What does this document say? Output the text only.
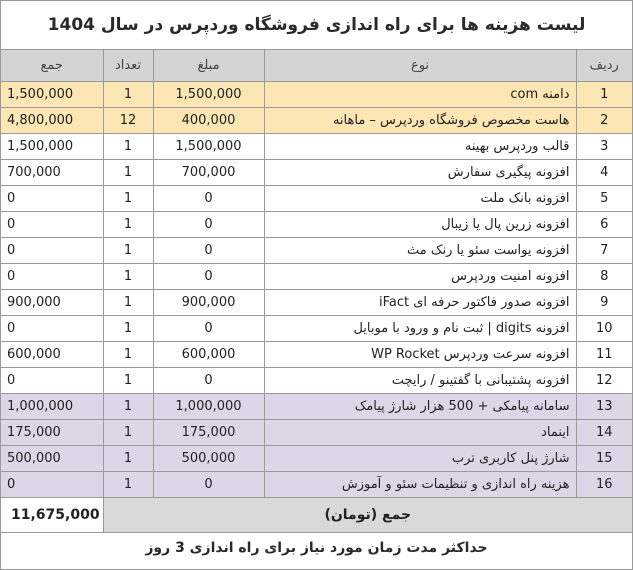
لیست هزینه ها برای راه اندازی فروشگاه وردپرس در سال 1404
جمع	تعداد	مبلغ	نوع	ردیف
1,500,000	1	1,500,000	دامنه com	1
4,800,000	12	400,000	هاست مخصوص فروشگاه وردپرس – ماهانه	2
1,500,000	1	1,500,000	قالب وردپرس بهینه	3
700,000	1	700,000	افزونه پیگیری سفارش	4
0	1	0	افزونه بانک ملت	5
0	1	0	افزونه زرین پال یا زیبال	6
0	1	0	افزونه یواست سئو یا رنک مث	7
0	1	0	افزونه امنیت وردپرس	8
900,000	1	900,000	افزونه صدور فاکتور حرفه ای iFact	9
0	1	0	افزونه digits | ثبت نام و ورود با موبایل	10
600,000	1	600,000	افزونه سرعت وردپرس WP Rocket	11
0	1	0	افزونه پشتیبانی با گفتینو / رایچت	12
1,000,000	1	1,000,000	سامانه پیامکی + 500 هزار شارژ پیامک	13
175,000	1	175,000	اینماد	14
500,000	1	500,000	شارژ پنل کاربری ترب	15
0	1	0	هزینه راه اندازی و تنظیمات سئو و آموزش	16
11,675,000	جمع (تومان)			
حداکثر مدت زمان مورد نیاز برای راه اندازی 3 روز
